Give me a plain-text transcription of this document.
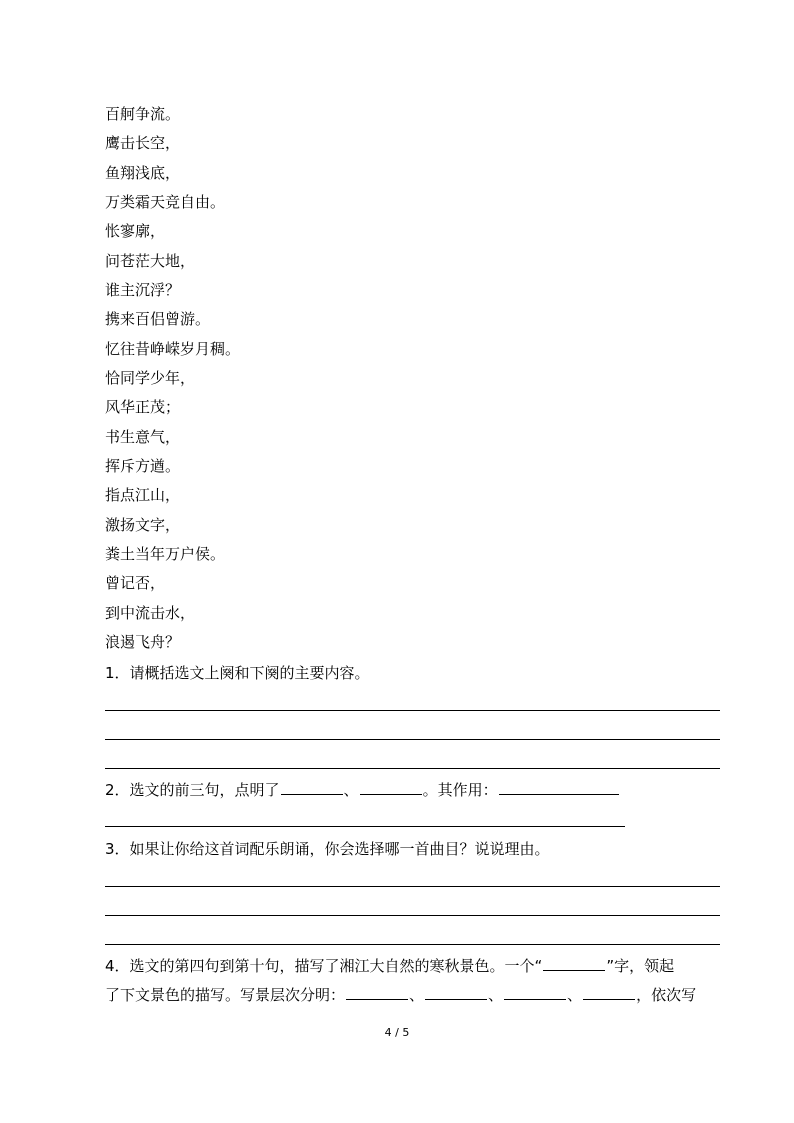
百舸争流。
鹰击长空，
鱼翔浅底，
万类霜天竞自由。
怅寥廓，
问苍茫大地，
谁主沉浮？
携来百侣曾游。
忆往昔峥嵘岁月稠。
恰同学少年，
风华正茂；
书生意气，
挥斥方遒。
指点江山，
激扬文字，
粪土当年万户侯。
曾记否，
到中流击水，
浪遏飞舟？
1．请概括选文上阕和下阕的主要内容。
2．选文的前三句，点明了	、	。其作用：
3．如果让你给这首词配乐朗诵，你会选择哪一首曲目？说说理由。
4．选文的第四句到第十句，描写了湘江大自然的寒秋景色。一个“	”字，领起
了下文景色的描写。写景层次分明：	、	、	、	，依次写
4 / 5
